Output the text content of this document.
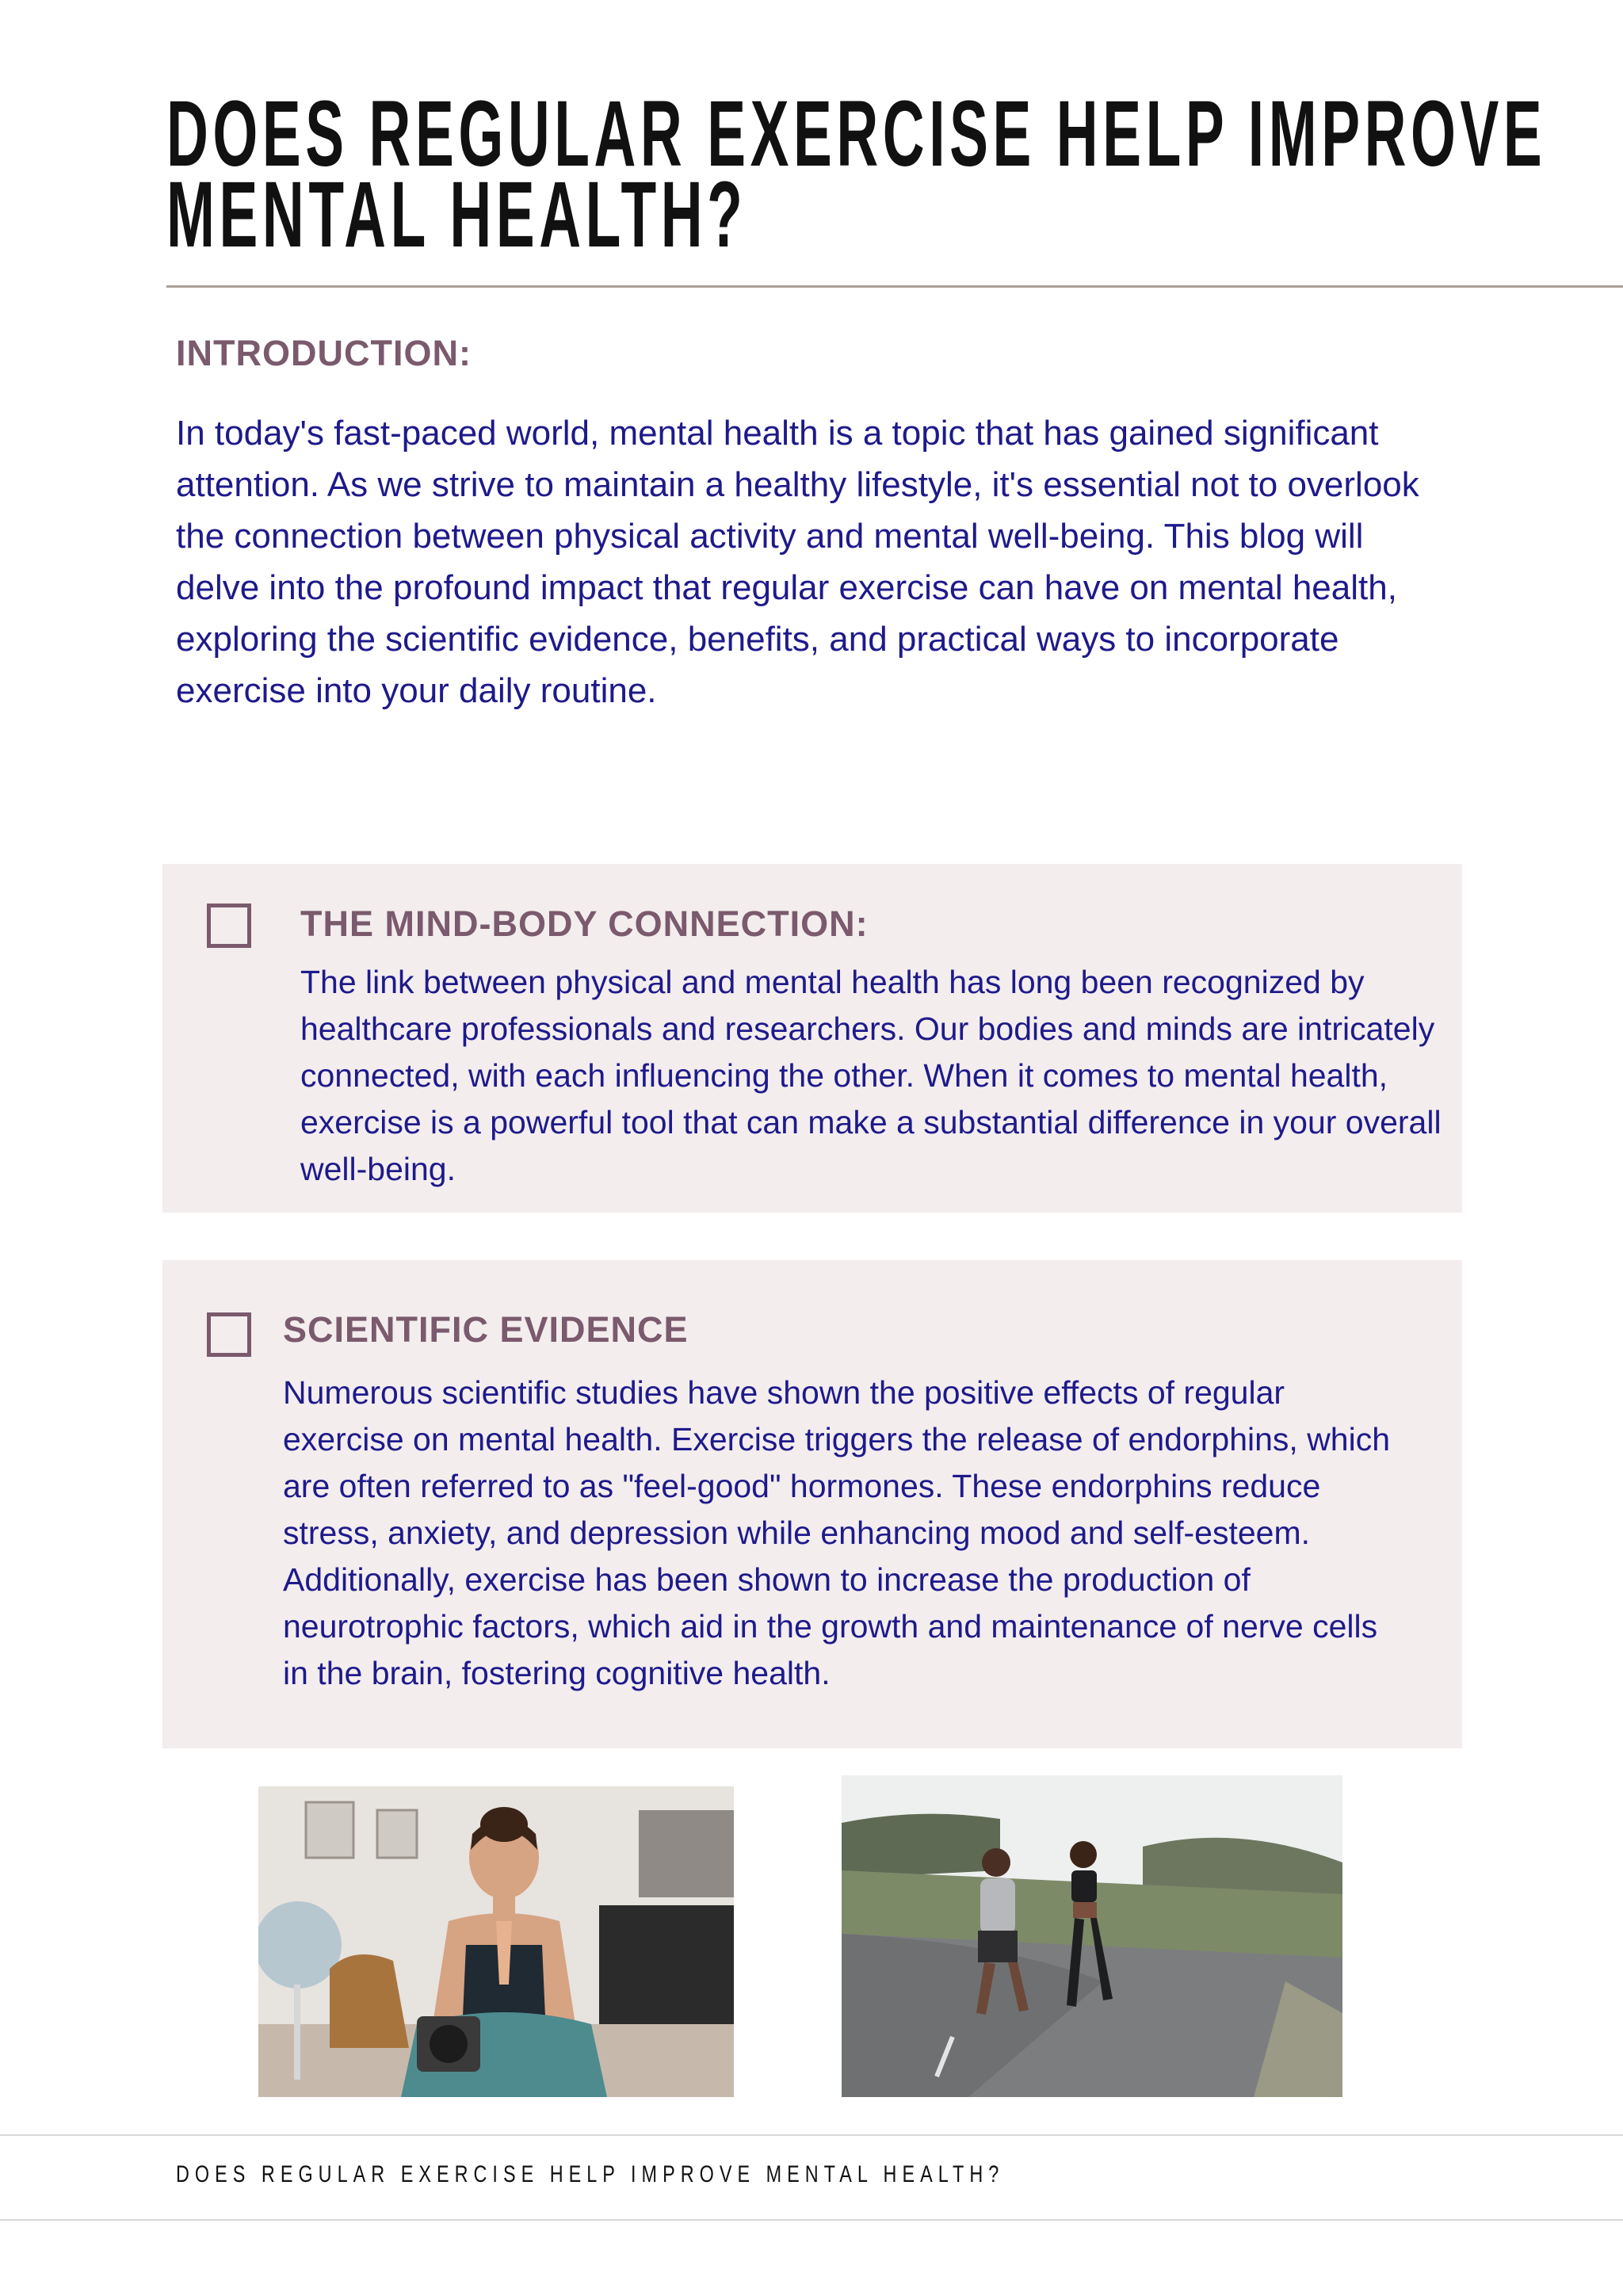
DOES REGULAR EXERCISE HELP IMPROVE
MENTAL HEALTH?
INTRODUCTION:

In today's fast-paced world, mental health is a topic that has gained significant attention. As we strive to maintain a healthy lifestyle, it's essential not to overlook the connection between physical activity and mental well-being. This blog will delve into the profound impact that regular exercise can have on mental health, exploring the scientific evidence, benefits, and practical ways to incorporate exercise into your daily routine.

THE MIND-BODY CONNECTION:

The link between physical and mental health has long been recognized by healthcare professionals and researchers. Our bodies and minds are intricately connected, with each influencing the other. When it comes to mental health, exercise is a powerful tool that can make a substantial difference in your overall well-being.

SCIENTIFIC EVIDENCE

Numerous scientific studies have shown the positive effects of regular exercise on mental health. Exercise triggers the release of endorphins, which are often referred to as "feel-good" hormones. These endorphins reduce stress, anxiety, and depression while enhancing mood and self-esteem. Additionally, exercise has been shown to increase the production of neurotrophic factors, which aid in the growth and maintenance of nerve cells in the brain, fostering cognitive health.

DOES REGULAR EXERCISE HELP IMPROVE MENTAL HEALTH?
